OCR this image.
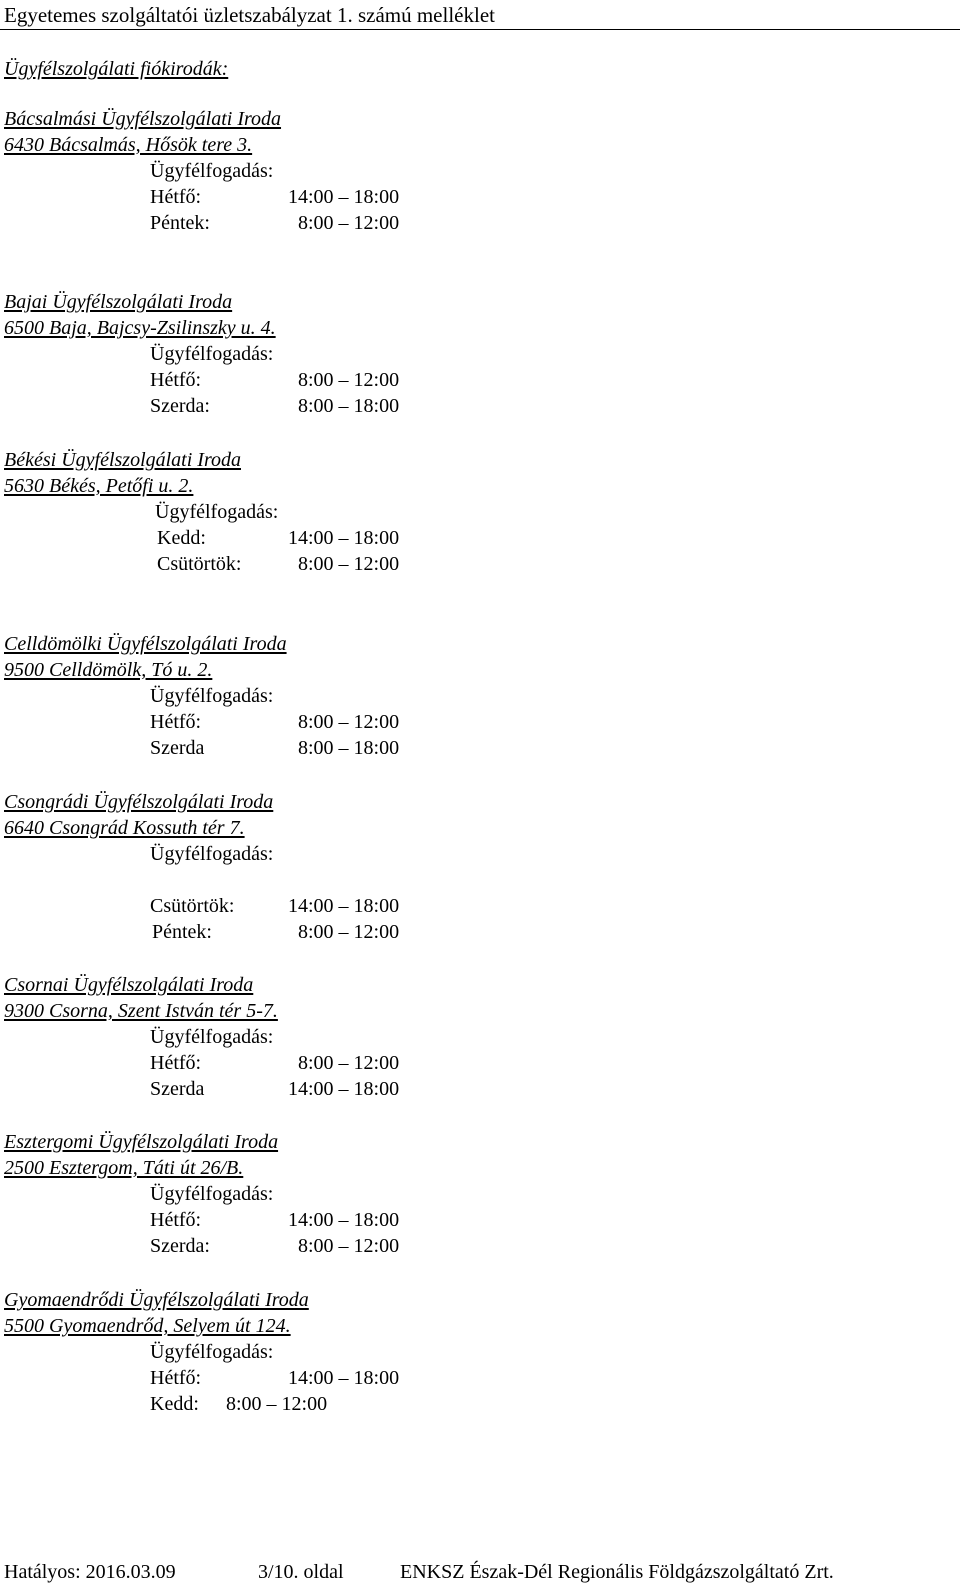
Egyetemes szolgáltatói üzletszabályzat 1. számú melléklet
Ügyfélszolgálati fiókirodák:
Bácsalmási Ügyfélszolgálati Iroda
6430 Bácsalmás, Hősök tere 3.
Ügyfélfogadás:
Hétfő:	14:00 – 18:00
Péntek:	8:00 – 12:00
Bajai Ügyfélszolgálati Iroda
6500 Baja, Bajcsy-Zsilinszky u. 4.
Ügyfélfogadás:
Hétfő:	8:00 – 12:00
Szerda:	8:00 – 18:00
Békési Ügyfélszolgálati Iroda
5630 Békés, Petőfi u. 2.
Ügyfélfogadás:
Kedd:	14:00 – 18:00
Csütörtök:	8:00 – 12:00
Celldömölki Ügyfélszolgálati Iroda
9500 Celldömölk, Tó u. 2.
Ügyfélfogadás:
Hétfő:	8:00 – 12:00
Szerda	8:00 – 18:00
Csongrádi Ügyfélszolgálati Iroda
6640 Csongrád Kossuth tér 7.
Ügyfélfogadás:
Csütörtök:	14:00 – 18:00
Péntek:	8:00 – 12:00
Csornai Ügyfélszolgálati Iroda
9300 Csorna, Szent István tér 5-7.
Ügyfélfogadás:
Hétfő:	8:00 – 12:00
Szerda	14:00 – 18:00
Esztergomi Ügyfélszolgálati Iroda
2500 Esztergom, Táti út 26/B.
Ügyfélfogadás:
Hétfő:	14:00 – 18:00
Szerda:	8:00 – 12:00
Gyomaendrődi Ügyfélszolgálati Iroda
5500 Gyomaendrőd, Selyem út 124.
Ügyfélfogadás:
Hétfő:	14:00 – 18:00
Kedd: 8:00 – 12:00
Hatályos: 2016.03.09	3/10. oldal	ENKSZ Észak-Dél Regionális Földgázszolgáltató Zrt.
